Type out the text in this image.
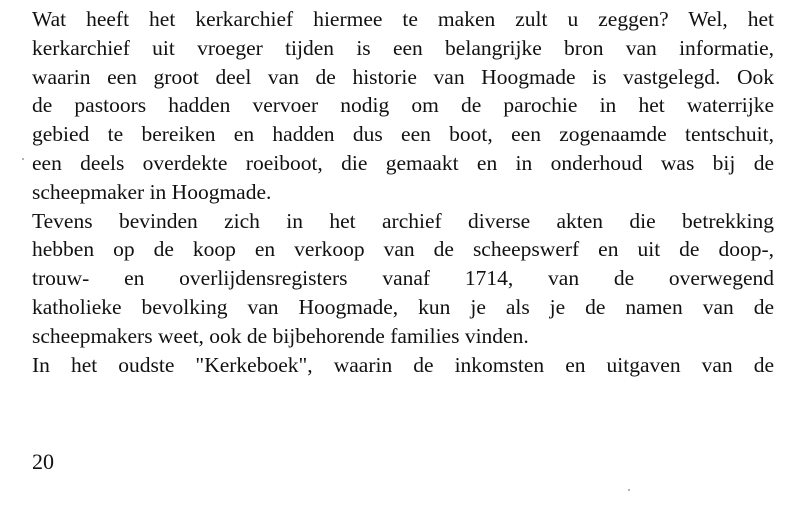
Wat heeft het kerkarchief hiermee te maken zult u zeggen? Wel, het
kerkarchief uit vroeger tijden is een belangrijke bron van informatie,
waarin een groot deel van de historie van Hoogmade is vastgelegd. Ook
de pastoors hadden vervoer nodig om de parochie in het waterrijke
gebied te bereiken en hadden dus een boot, een zogenaamde tentschuit,
een deels overdekte roeiboot, die gemaakt en in onderhoud was bij de
scheepmaker in Hoogmade.
Tevens bevinden zich in het archief diverse akten die betrekking
hebben op de koop en verkoop van de scheepswerf en uit de doop-,
trouw- en overlijdensregisters vanaf 1714, van de overwegend
katholieke bevolking van Hoogmade, kun je als je de namen van de
scheepmakers weet, ook de bijbehorende families vinden.
In het oudste "Kerkeboek", waarin de inkomsten en uitgaven van de
20
